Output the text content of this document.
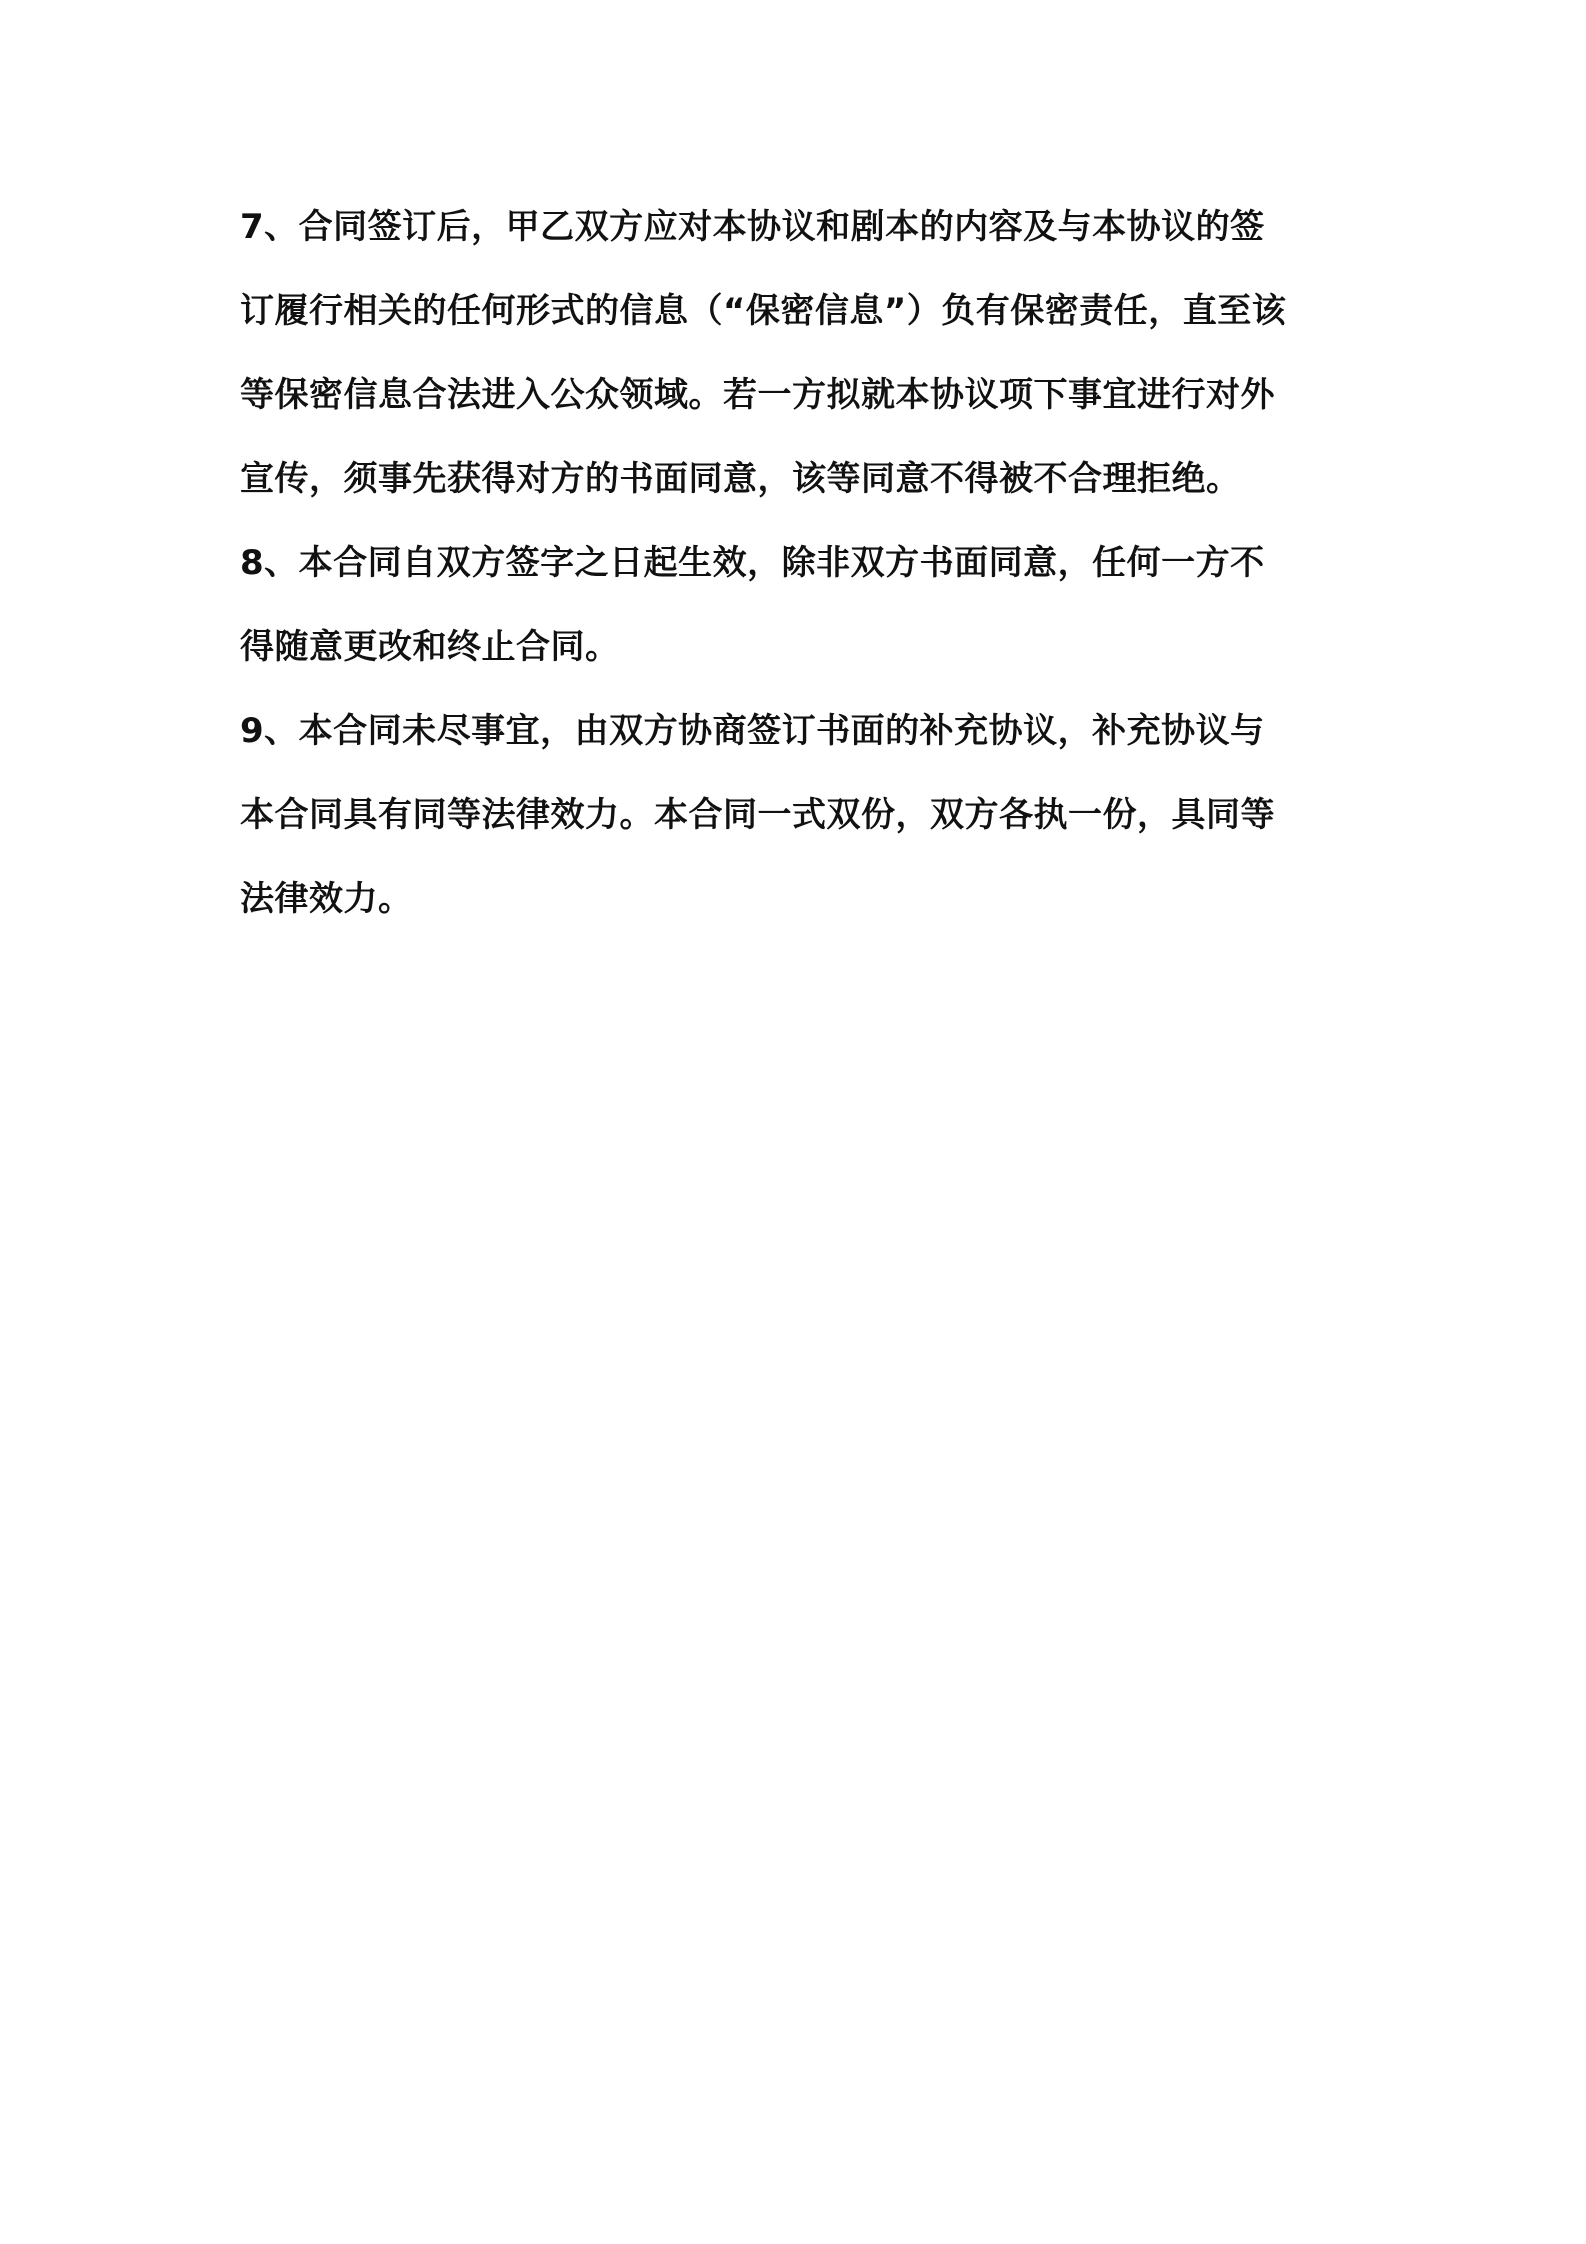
7、合同签订后，甲乙双方应对本协议和剧本的内容及与本协议的签
订履行相关的任何形式的信息（“保密信息”）负有保密责任，直至该
等保密信息合法进入公众领域。若一方拟就本协议项下事宜进行对外
宣传，须事先获得对方的书面同意，该等同意不得被不合理拒绝。
8、本合同自双方签字之日起生效，除非双方书面同意，任何一方不
得随意更改和终止合同。
9、本合同未尽事宜，由双方协商签订书面的补充协议，补充协议与
本合同具有同等法律效力。本合同一式双份，双方各执一份，具同等
法律效力。
